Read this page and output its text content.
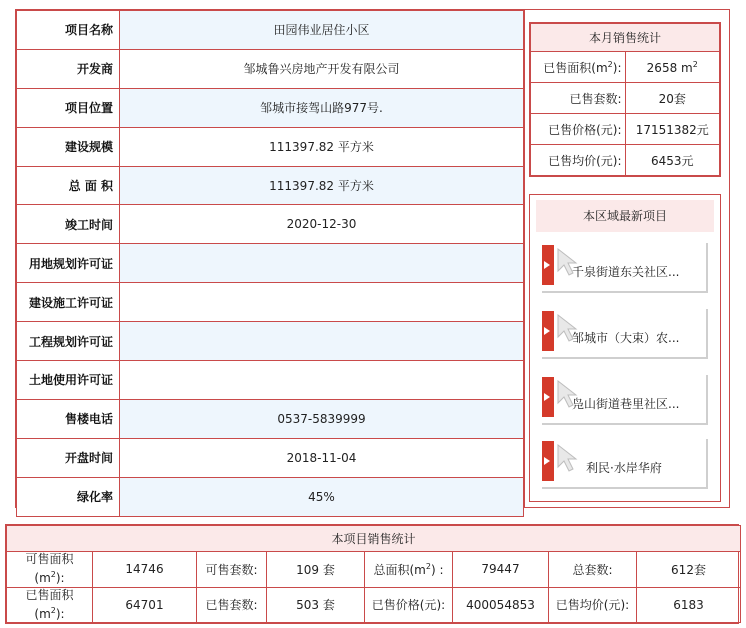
项目名称	田园伟业居住小区
开发商	邹城鲁兴房地产开发有限公司
项目位置	邹城市接驾山路977号.
建设规模	111397.82 平方米
总 面 积	111397.82 平方米
竣工时间	2020-12-30
用地规划许可证	
建设施工许可证	
工程规划许可证	
土地使用许可证	
售楼电话	0537-5839999
开盘时间	2018-11-04
绿化率	45%
本月销售统计	
已售面积$(m^2)$:	2658 $m^2$
已售套数:	20套
已售价格(元):	17151382元
已售均价(元):	6453元
本区域最新项目
千泉街道东关社区...
邹城市（大束）农...
凫山街道巷里社区...
利民·水岸华府
本项目销售统计							
可售面积
$(m^2)$:	14746	可售套数:	109 套	总面积$(m^2)$ :	79447	总套数:	612套
已售面积
$(m^2)$:	64701	已售套数:	503 套	已售价格(元):	400054853	已售均价(元):	6183
